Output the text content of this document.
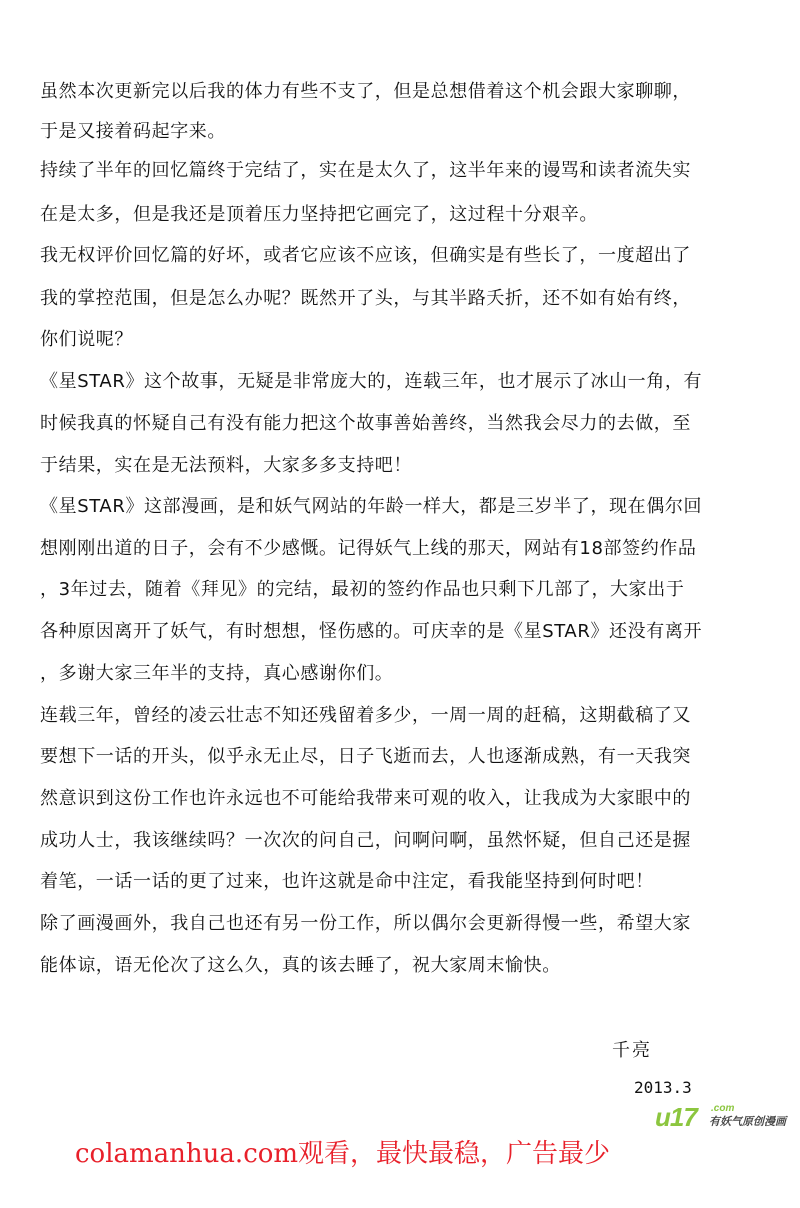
虽然本次更新完以后我的体力有些不支了，但是总想借着这个机会跟大家聊聊，
于是又接着码起字来。
持续了半年的回忆篇终于完结了，实在是太久了，这半年来的谩骂和读者流失实
在是太多，但是我还是顶着压力坚持把它画完了，这过程十分艰辛。
我无权评价回忆篇的好坏，或者它应该不应该，但确实是有些长了，一度超出了
我的掌控范围，但是怎么办呢？既然开了头，与其半路夭折，还不如有始有终，
你们说呢？
《星STAR》这个故事，无疑是非常庞大的，连载三年，也才展示了冰山一角，有
时候我真的怀疑自己有没有能力把这个故事善始善终，当然我会尽力的去做，至
于结果，实在是无法预料，大家多多支持吧！
《星STAR》这部漫画，是和妖气网站的年龄一样大，都是三岁半了，现在偶尔回
想刚刚出道的日子，会有不少感慨。记得妖气上线的那天，网站有18部签约作品
，3年过去，随着《拜见》的完结，最初的签约作品也只剩下几部了，大家出于
各种原因离开了妖气，有时想想，怪伤感的。可庆幸的是《星STAR》还没有离开
，多谢大家三年半的支持，真心感谢你们。
连载三年，曾经的凌云壮志不知还残留着多少，一周一周的赶稿，这期截稿了又
要想下一话的开头，似乎永无止尽，日子飞逝而去，人也逐渐成熟，有一天我突
然意识到这份工作也许永远也不可能给我带来可观的收入，让我成为大家眼中的
成功人士，我该继续吗？一次次的问自己，问啊问啊，虽然怀疑，但自己还是握
着笔，一话一话的更了过来，也许这就是命中注定，看我能坚持到何时吧！
除了画漫画外，我自己也还有另一份工作，所以偶尔会更新得慢一些，希望大家
能体谅，语无伦次了这么久，真的该去睡了，祝大家周末愉快。
千亮
2013.3
u17 .com
有妖气原创漫画
colamanhua.com观看，最快最稳，广告最少
